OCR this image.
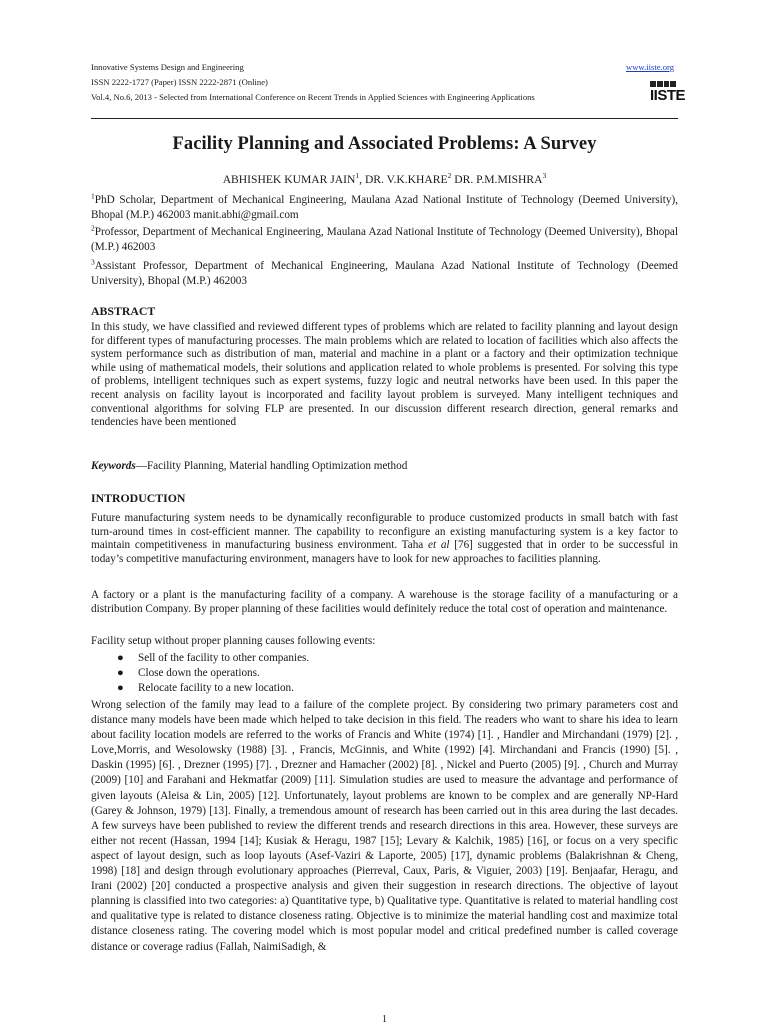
Innovative Systems Design and Engineering
ISSN 2222-1727 (Paper) ISSN 2222-2871 (Online)
Vol.4, No.6, 2013 - Selected from International Conference on Recent Trends in Applied Sciences with Engineering Applications
www.iiste.org
IISTE
Facility Planning and Associated Problems: A Survey
ABHISHEK KUMAR JAIN$^1$, DR. V.K.KHARE$^2$ DR. P.M.MISHRA$^3$
$^1$PhD Scholar, Department of Mechanical Engineering, Maulana Azad National Institute of Technology (Deemed University), Bhopal (M.P.) 462003 manit.abhi@gmail.com
$^2$Professor, Department of Mechanical Engineering, Maulana Azad National Institute of Technology (Deemed University), Bhopal (M.P.) 462003
$^3$Assistant Professor, Department of Mechanical Engineering, Maulana Azad National Institute of Technology (Deemed University), Bhopal (M.P.) 462003
ABSTRACT

In this study, we have classified and reviewed different types of problems which are related to facility planning and layout design for different types of manufacturing processes. The main problems which are related to location of facilities which also affects the system performance such as distribution of man, material and machine in a plant or a factory and their optimization technique while using of mathematical models, their solutions and application related to whole problems is presented. For solving this type of problems, intelligent techniques such as expert systems, fuzzy logic and neutral networks have been used. In this paper the recent analysis on facility layout is incorporated and facility layout problem is surveyed. Many intelligent techniques and conventional algorithms for solving FLP are presented. In our discussion different research direction, general remarks and tendencies have been mentioned

Keywords—Facility Planning, Material handling Optimization method
INTRODUCTION

Future manufacturing system needs to be dynamically reconfigurable to produce customized products in small batch with fast turn-around times in cost-efficient manner. The capability to reconfigure an existing manufacturing system is a key factor to maintain competitiveness in manufacturing business environment. Taha et al [76] suggested that in order to be successful in today’s competitive manufacturing environment, managers have to look for new approaches to facilities planning.

A factory or a plant is the manufacturing facility of a company. A warehouse is the storage facility of a manufacturing or a distribution Company. By proper planning of these facilities would definitely reduce the total cost of operation and maintenance.

Facility setup without proper planning causes following events:

● Sell of the facility to other companies.
● Close down the operations.
● Relocate facility to a new location.

Wrong selection of the family may lead to a failure of the complete project. By considering two primary parameters cost and distance many models have been made which helped to take decision in this field. The readers who want to share his idea to learn about facility location models are referred to the works of Francis and White (1974) [1]. , Handler and Mirchandani (1979) [2]. , Love,Morris, and Wesolowsky (1988) [3]. , Francis, McGinnis, and White (1992) [4]. Mirchandani and Francis (1990) [5]. , Daskin (1995) [6]. , Drezner (1995) [7]. , Drezner and Hamacher (2002) [8]. , Nickel and Puerto (2005) [9]. , Church and Murray (2009) [10] and Farahani and Hekmatfar (2009) [11]. Simulation studies are used to measure the advantage and performance of given layouts (Aleisa & Lin, 2005) [12]. Unfortunately, layout problems are known to be complex and are generally NP-Hard (Garey & Johnson, 1979) [13]. Finally, a tremendous amount of research has been carried out in this area during the last decades. A few surveys have been published to review the different trends and research directions in this area. However, these surveys are either not recent (Hassan, 1994 [14]; Kusiak & Heragu, 1987 [15]; Levary & Kalchik, 1985) [16], or focus on a very specific aspect of layout design, such as loop layouts (Asef-Vaziri & Laporte, 2005) [17], dynamic problems (Balakrishnan & Cheng, 1998) [18] and design through evolutionary approaches (Pierreval, Caux, Paris, & Viguier, 2003) [19]. Benjaafar, Heragu, and Irani (2002) [20] conducted a prospective analysis and given their suggestion in research directions. The objective of layout planning is classified into two categories: a) Quantitative type, b) Qualitative type. Quantitative is related to material handling cost and qualitative type is related to distance closeness rating. Objective is to minimize the material handling cost and maximize total distance closeness rating. The covering model which is most popular model and critical predefined number is called coverage distance or coverage radius (Fallah, NaimiSadigh, &

1
